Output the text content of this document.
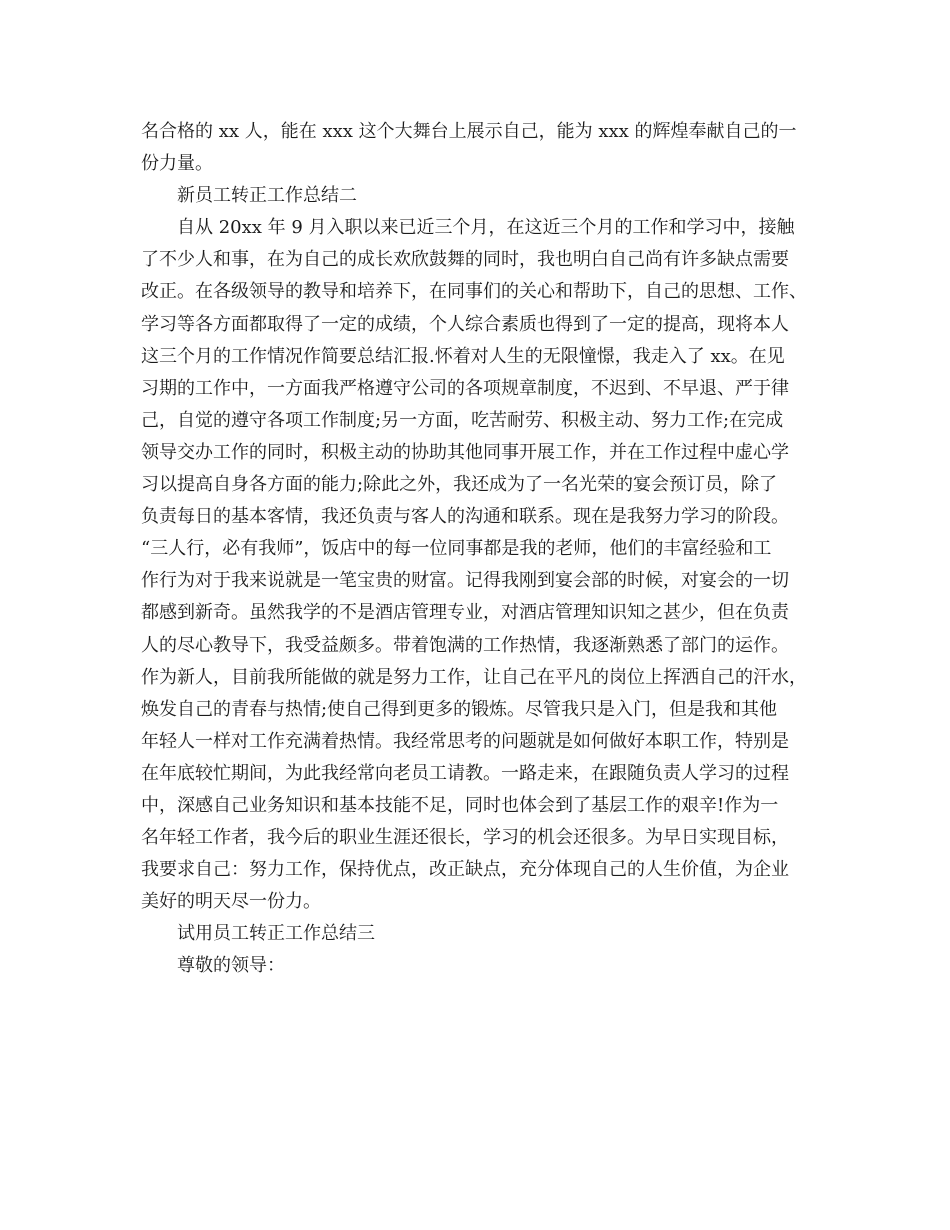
名合格的 xx 人，能在 xxx 这个大舞台上展示自己，能为 xxx 的辉煌奉献自己的一

份力量。

新员工转正工作总结二

自从 20xx 年 9 月入职以来已近三个月，在这近三个月的工作和学习中，接触

了不少人和事，在为自己的成长欢欣鼓舞的同时，我也明白自己尚有许多缺点需要

改正。在各级领导的教导和培养下，在同事们的关心和帮助下，自己的思想、工作、

学习等各方面都取得了一定的成绩，个人综合素质也得到了一定的提高，现将本人

这三个月的工作情况作简要总结汇报.怀着对人生的无限憧憬，我走入了 xx。在见

习期的工作中，一方面我严格遵守公司的各项规章制度，不迟到、不早退、严于律

己，自觉的遵守各项工作制度;另一方面，吃苦耐劳、积极主动、努力工作;在完成

领导交办工作的同时，积极主动的协助其他同事开展工作，并在工作过程中虚心学

习以提高自身各方面的能力;除此之外，我还成为了一名光荣的宴会预订员，除了

负责每日的基本客情，我还负责与客人的沟通和联系。现在是我努力学习的阶段。

“三人行，必有我师”，饭店中的每一位同事都是我的老师，他们的丰富经验和工

作行为对于我来说就是一笔宝贵的财富。记得我刚到宴会部的时候，对宴会的一切

都感到新奇。虽然我学的不是酒店管理专业，对酒店管理知识知之甚少，但在负责

人的尽心教导下，我受益颇多。带着饱满的工作热情，我逐渐熟悉了部门的运作。

作为新人，目前我所能做的就是努力工作，让自己在平凡的岗位上挥洒自己的汗水，

焕发自己的青春与热情;使自己得到更多的锻炼。尽管我只是入门，但是我和其他

年轻人一样对工作充满着热情。我经常思考的问题就是如何做好本职工作，特别是

在年底较忙期间，为此我经常向老员工请教。一路走来，在跟随负责人学习的过程

中，深感自己业务知识和基本技能不足，同时也体会到了基层工作的艰辛!作为一

名年轻工作者，我今后的职业生涯还很长，学习的机会还很多。为早日实现目标，

我要求自己：努力工作，保持优点，改正缺点，充分体现自己的人生价值，为企业

美好的明天尽一份力。

试用员工转正工作总结三

尊敬的领导：
